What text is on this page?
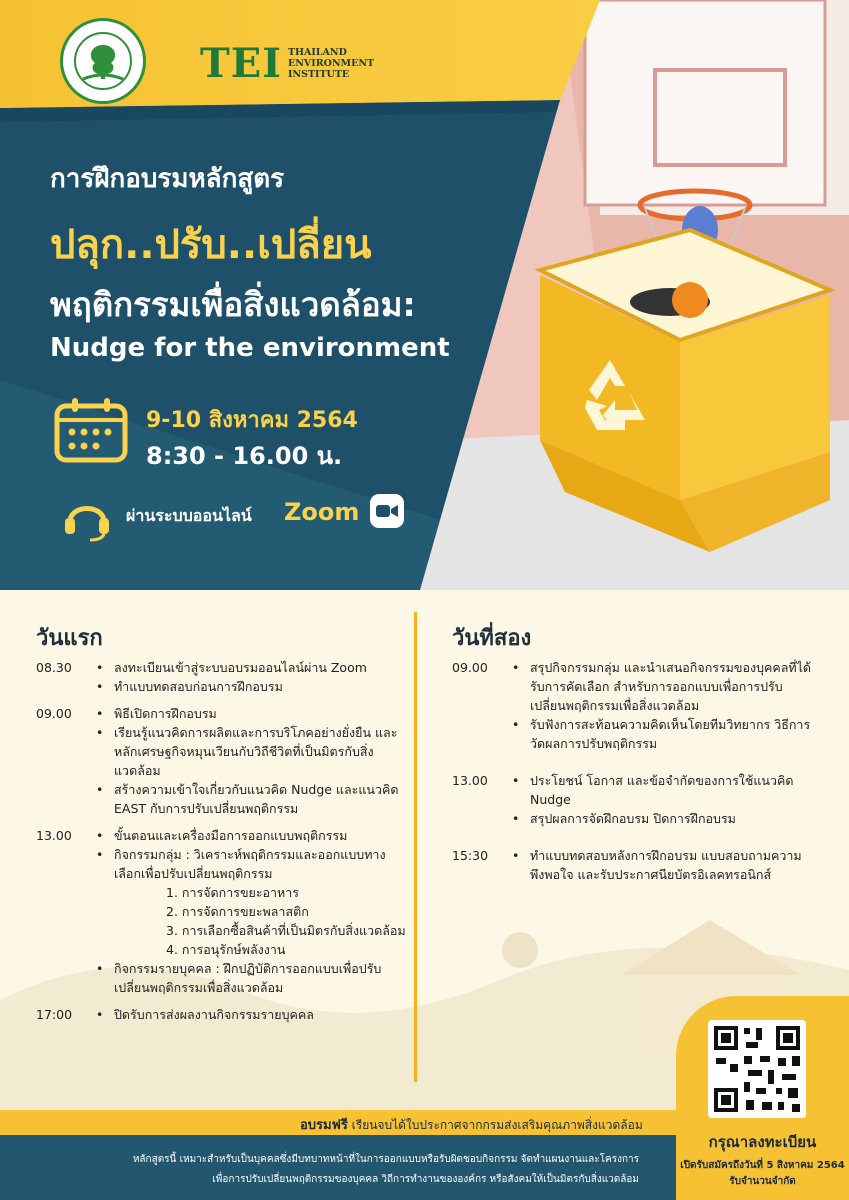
TEI THAILAND
ENVIRONMENT
INSTITUTE
การฝึกอบรมหลักสูตร
ปลุก..ปรับ..เปลี่ยน
พฤติกรรมเพื่อสิ่งแวดล้อม:
Nudge for the environment
9-10 สิงหาคม 2564
8:30 - 16.00 น.
ผ่านระบบออนไลน์ Zoom
วันแรก	วันที่สอง
08.30	• ลงทะเบียนเข้าสู่ระบบอบรมออนไลน์ผ่าน Zoom
• ทำแบบทดสอบก่อนการฝึกอบรม
09.00	• พิธีเปิดการฝึกอบรม
• เรียนรู้แนวคิดการผลิตและการบริโภคอย่างยั่งยืน และหลักเศรษฐกิจหมุนเวียนกับวิถีชีวิตที่เป็นมิตรกับสิ่งแวดล้อม
• สร้างความเข้าใจเกี่ยวกับแนวคิด Nudge และแนวคิด EAST กับการปรับเปลี่ยนพฤติกรรม
13.00	• ขั้นตอนและเครื่องมือการออกแบบพฤติกรรม
• กิจกรรมกลุ่ม : วิเคราะห์พฤติกรรมและออกแบบทางเลือกเพื่อปรับเปลี่ยนพฤติกรรม
1. การจัดการขยะอาหาร
2. การจัดการขยะพลาสติก
3. การเลือกซื้อสินค้าที่เป็นมิตรกับสิ่งแวดล้อม
4. การอนุรักษ์พลังงาน
• กิจกรรมรายบุคคล : ฝึกปฏิบัติการออกแบบเพื่อปรับเปลี่ยนพฤติกรรมเพื่อสิ่งแวดล้อม
17:00	• ปิดรับการส่งผลงานกิจกรรมรายบุคคล
09.00	• สรุปกิจกรรมกลุ่ม และนำเสนอกิจกรรมของบุคคลที่ได้รับการคัดเลือก สำหรับการออกแบบเพื่อการปรับเปลี่ยนพฤติกรรมเพื่อสิ่งแวดล้อม
• รับฟังการสะท้อนความคิดเห็นโดยทีมวิทยากร วิธีการวัดผลการปรับพฤติกรรม
13.00	• ประโยชน์ โอกาส และข้อจำกัดของการใช้แนวคิด Nudge
• สรุปผลการจัดฝึกอบรม ปิดการฝึกอบรม
15:30	• ทำแบบทดสอบหลังการฝึกอบรม แบบสอบถามความพึงพอใจ และรับประกาศนียบัตรอิเลคทรอนิกส์
อบรมฟรี เรียนจบได้ใบประกาศจากกรมส่งเสริมคุณภาพสิ่งแวดล้อม
หลักสูตรนี้ เหมาะสำหรับเป็นบุคคลซึ่งมีบทบาทหน้าที่ในการออกแบบหรือรับผิดชอบกิจกรรม จัดทำแผนงานและโครงการ
เพื่อการปรับเปลี่ยนพฤติกรรมของบุคคล วิถีการทำงานขององค์กร หรือสังคมให้เป็นมิตรกับสิ่งแวดล้อม
กรุณาลงทะเบียน
เปิดรับสมัครถึงวันที่ 5 สิงหาคม 2564
รับจำนวนจำกัด
